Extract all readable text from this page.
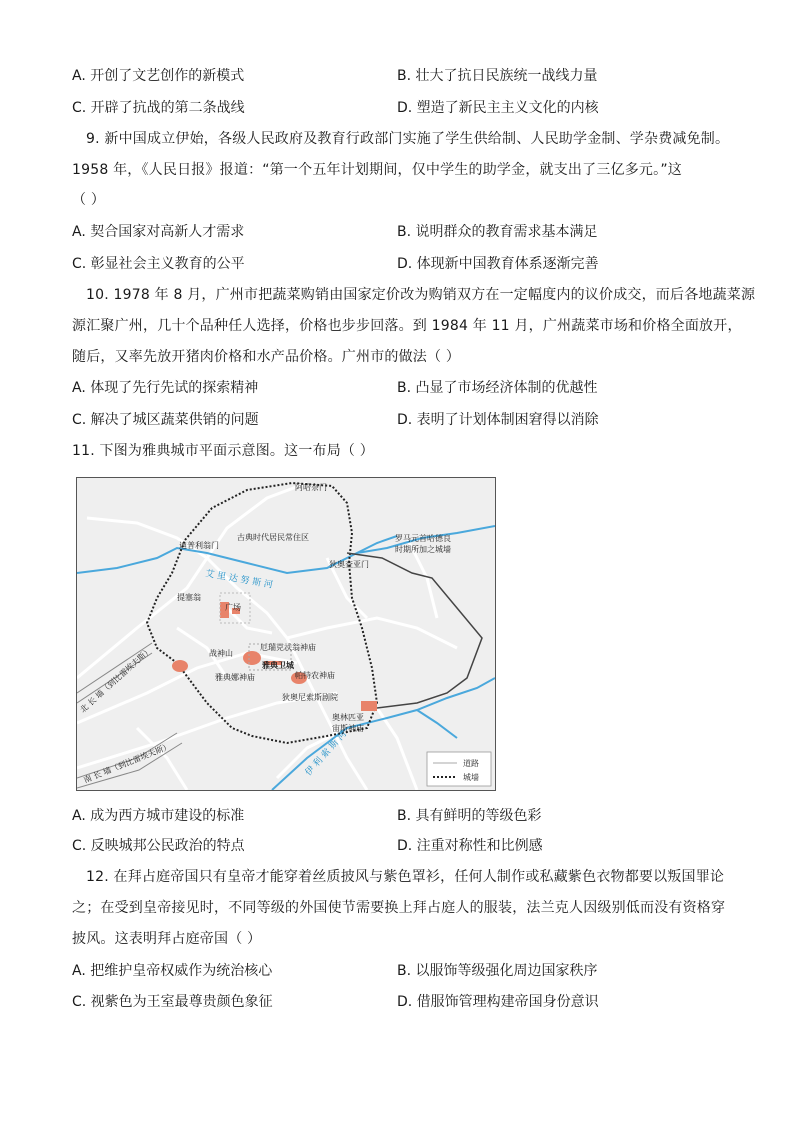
A. 开创了文艺创作的新模式	B. 壮大了抗日民族统一战线力量
C. 开辟了抗战的第二条战线	D. 塑造了新民主主义文化的内核
9. 新中国成立伊始，各级人民政府及教育行政部门实施了学生供给制、人民助学金制、学杂费减免制。
1958 年，《人民日报》报道：“第一个五年计划期间，仅中学生的助学金，就支出了三亿多元。”这
（ ）
A. 契合国家对高新人才需求	B. 说明群众的教育需求基本满足
C. 彰显社会主义教育的公平	D. 体现新中国教育体系逐渐完善
10. 1978 年 8 月，广州市把蔬菜购销由国家定价改为购销双方在一定幅度内的议价成交，而后各地蔬菜源
源汇聚广州，几十个品种任人选择，价格也步步回落。到 1984 年 11 月，广州蔬菜市场和价格全面放开，
随后，又率先放开猪肉价格和水产品价格。广州市的做法（ ）
A. 体现了先行先试的探索精神	B. 凸显了市场经济体制的优越性
C. 解决了城区蔬菜供销的问题	D. 表明了计划体制困窘得以消除
11. 下图为雅典城市平面示意图。这一布局（ ）
阿哈奈门
古典时代居民常住区	罗马元首哈德良
时期所加之城墙
迪普利翁门
狄奥查亚门
艾 里 达 努 斯 河
提塞翁
广场
战神山
厄瑞克忒翁神庙
雅典卫城
帕特农神庙
雅典娜神庙
狄奥尼索斯剧院
奥林匹亚
宙斯神庙
北 长 墙（到比雷埃夫斯）
南 长 墙（到比雷埃夫斯）	伊 利 索 斯 河	道路
城墙
A. 成为西方城市建设的标准	B. 具有鲜明的等级色彩
C. 反映城邦公民政治的特点	D. 注重对称性和比例感
12. 在拜占庭帝国只有皇帝才能穿着丝质披风与紫色罩衫，任何人制作或私藏紫色衣物都要以叛国罪论
之；在受到皇帝接见时，不同等级的外国使节需要换上拜占庭人的服装，法兰克人因级别低而没有资格穿
披风。这表明拜占庭帝国（ ）
A. 把维护皇帝权威作为统治核心	B. 以服饰等级强化周边国家秩序
C. 视紫色为王室最尊贵颜色象征	D. 借服饰管理构建帝国身份意识
